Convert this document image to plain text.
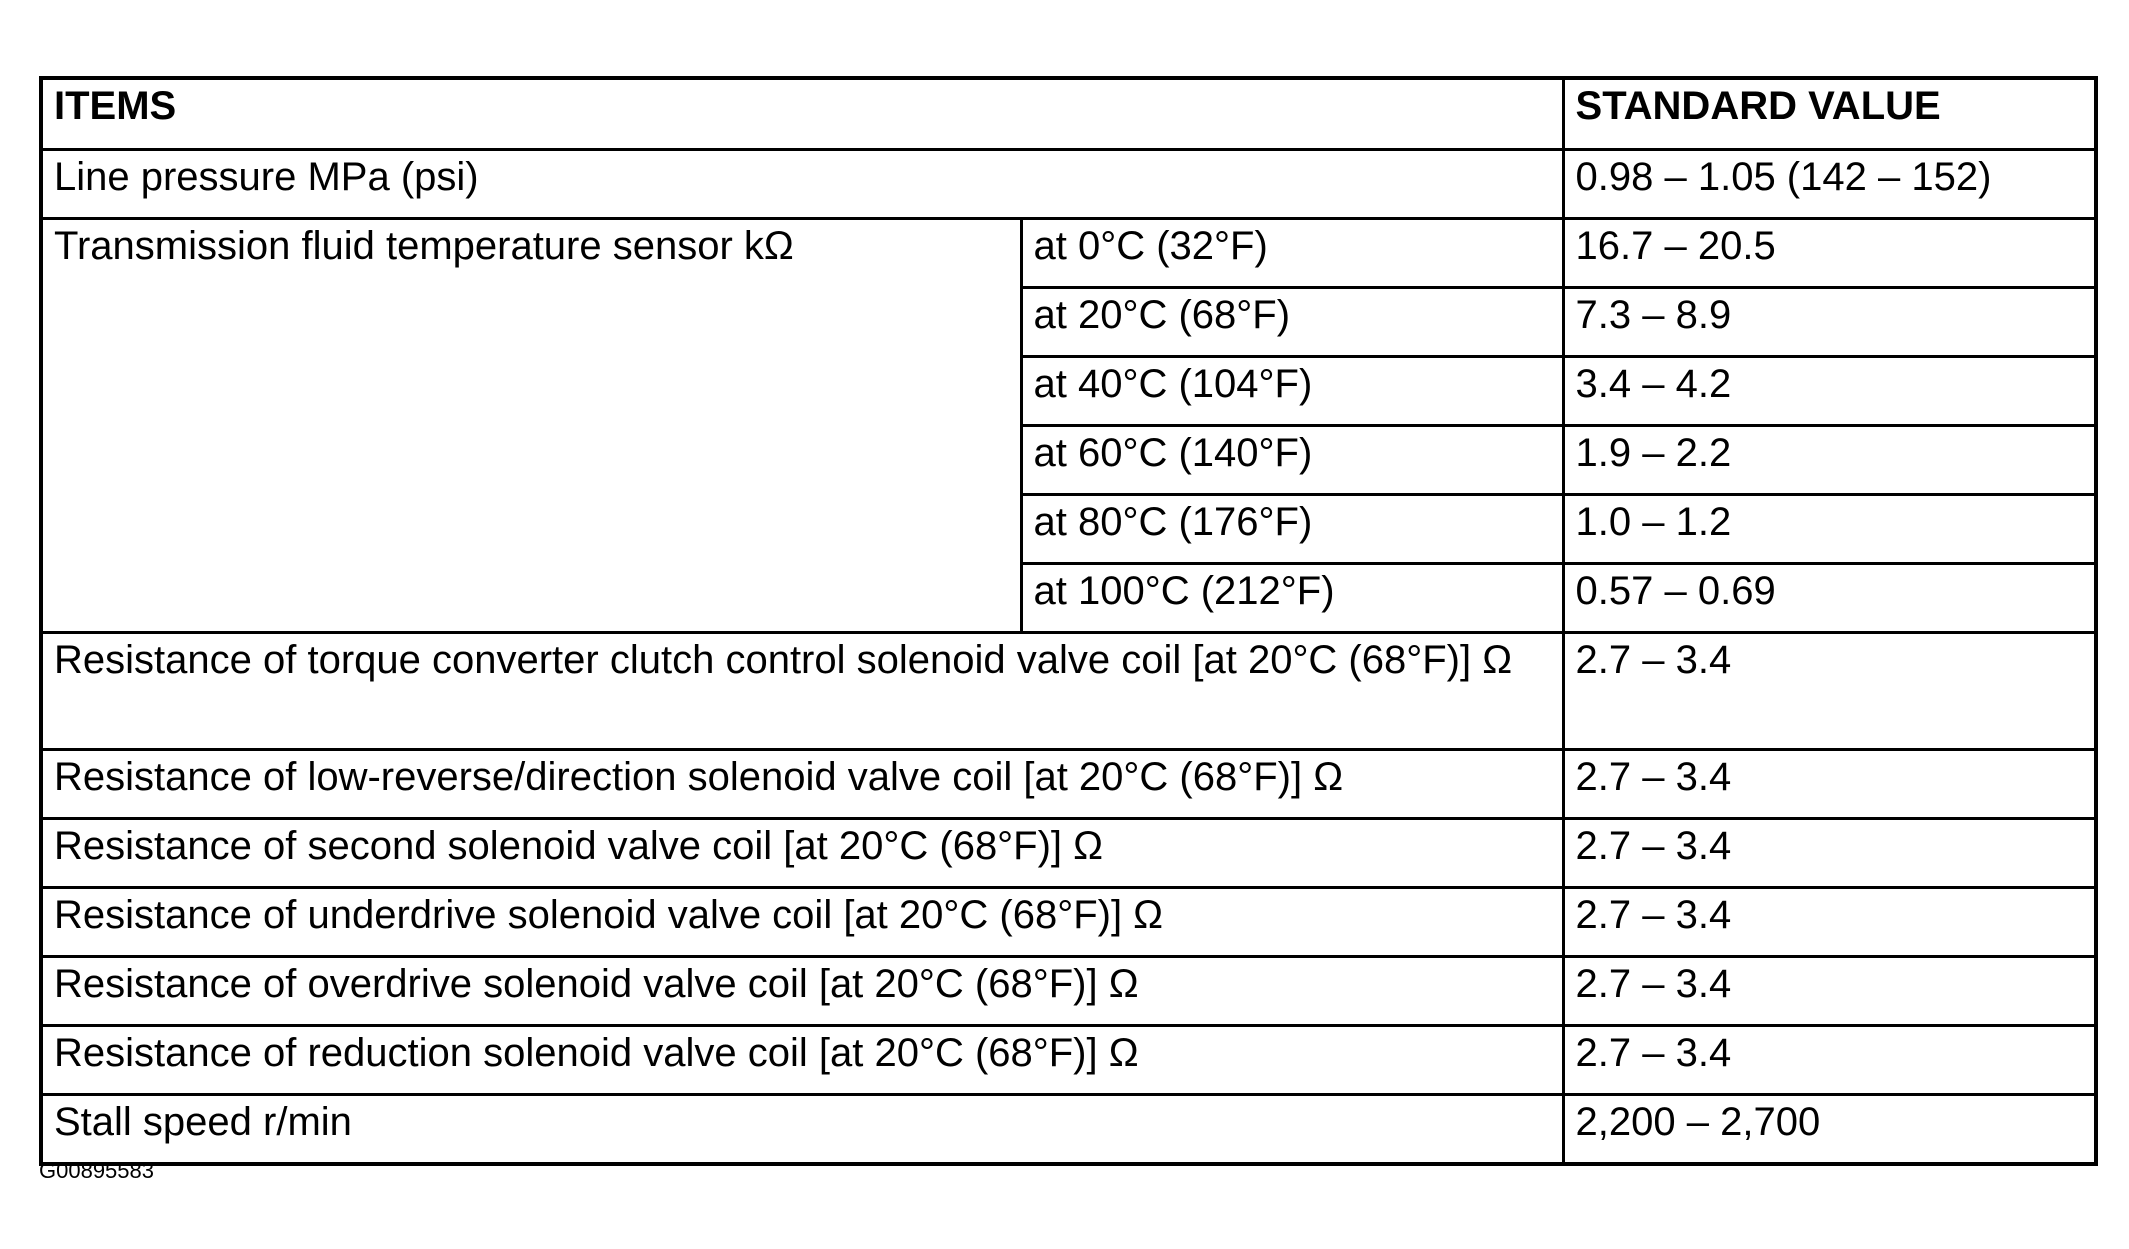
ITEMS		STANDARD VALUE
Line pressure MPa (psi)		0.98 – 1.05 (142 – 152)
Transmission fluid temperature sensor kΩ	at 0°C (32°F)	16.7 – 20.5
	at 20°C (68°F)	7.3 – 8.9
	at 40°C (104°F)	3.4 – 4.2
	at 60°C (140°F)	1.9 – 2.2
	at 80°C (176°F)	1.0 – 1.2
	at 100°C (212°F)	0.57 – 0.69
Resistance of torque converter clutch control solenoid valve coil [at 20°C (68°F)] Ω		2.7 – 3.4
Resistance of low-reverse/direction solenoid valve coil [at 20°C (68°F)] Ω		2.7 – 3.4
Resistance of second solenoid valve coil [at 20°C (68°F)] Ω		2.7 – 3.4
Resistance of underdrive solenoid valve coil [at 20°C (68°F)] Ω		2.7 – 3.4
Resistance of overdrive solenoid valve coil [at 20°C (68°F)] Ω		2.7 – 3.4
Resistance of reduction solenoid valve coil [at 20°C (68°F)] Ω		2.7 – 3.4
Stall speed r/min		2,200 – 2,700
G00895583
